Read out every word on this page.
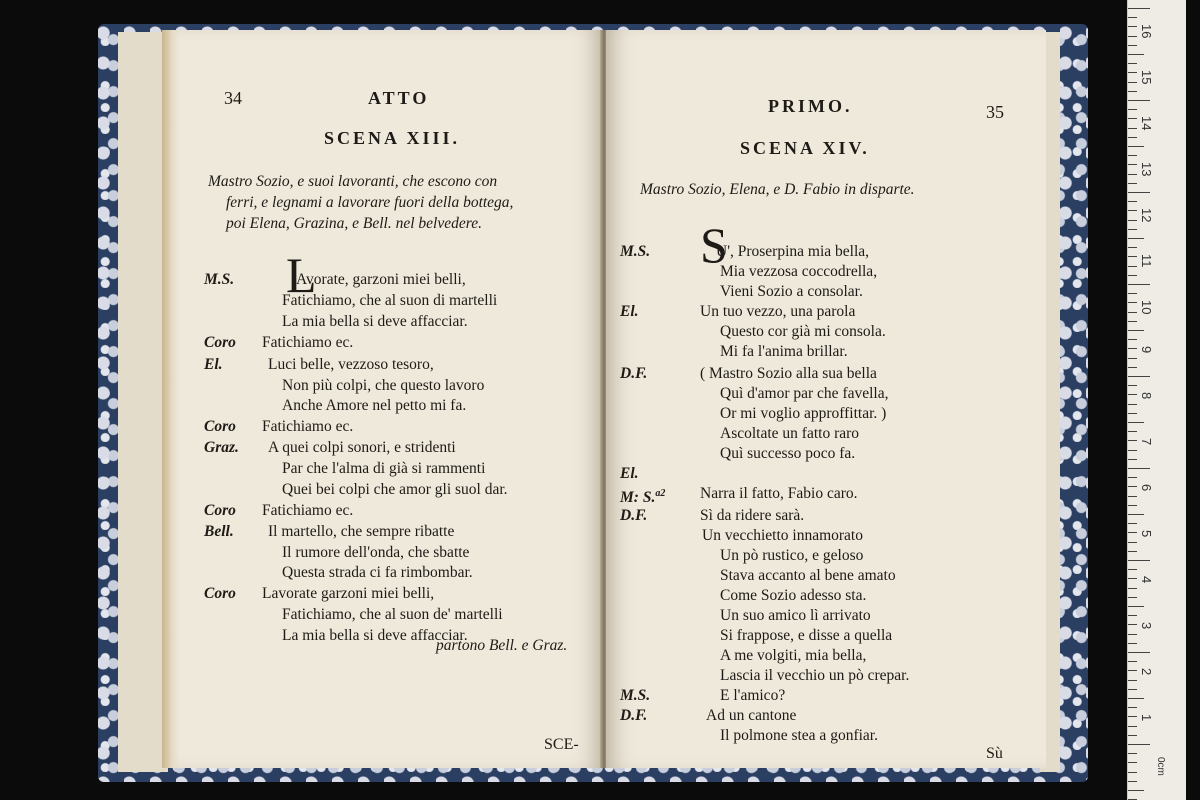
34	ATTO
SCENA XIII.
Mastro Sozio, e suoi lavoranti, che escono con
ferri, e legnami a lavorare fuori della bottega,
poi Elena, Grazina, e Bell. nel belvedere.
L
M.S.	Avorate, garzoni miei belli,
Fatichiamo, che al suon di martelli
La mia bella si deve affacciar.
Coro Fatichiamo ec.
El.	Luci belle, vezzoso tesoro,
Non più colpi, che questo lavoro
Anche Amore nel petto mi fa.
Coro Fatichiamo ec.
Graz. A quei colpi sonori, e stridenti
Par che l'alma di già si rammenti
Quei bei colpi che amor gli suol dar.
Coro Fatichiamo ec.
Bell. Il martello, che sempre ribatte
Il rumore dell'onda, che sbatte
Questa strada ci fa rimbombar.
Coro Lavorate garzoni miei belli,
Fatichiamo, che al suon de' martelli
La mia bella si deve affacciar.
partono Bell. e Graz.
SCE-
PRIMO.	35
SCENA XIV.
Mastro Sozio, Elena, e D. Fabio in disparte.
S
M.S.	U', Proserpina mia bella,
Mia vezzosa coccodrella,
Vieni Sozio a consolar.
El.	Un tuo vezzo, una parola
Questo cor già mi consola.
Mi fa l'anima brillar.
D.F.	( Mastro Sozio alla sua bella
Quì d'amor par che favella,
Or mi voglio approffittar. )
Ascoltate un fatto raro
Quì successo poco fa.
El.
M: S.$^{a2}$ Narra il fatto, Fabio caro.
D.F.	Sì da ridere sarà.
Un vecchietto innamorato
Un pò rustico, e geloso
Stava accanto al bene amato
Come Sozio adesso sta.
Un suo amico lì arrivato
Si frappose, e disse a quella
A me volgiti, mia bella,
Lascia il vecchio un pò crepar.
M.S.	E l'amico?
D.F.	Ad un cantone
Il polmone stea a gonfiar.
Sù
16
15
14
13
12
11
10
9
8
7
6
5
4
3
2
1
0cm
